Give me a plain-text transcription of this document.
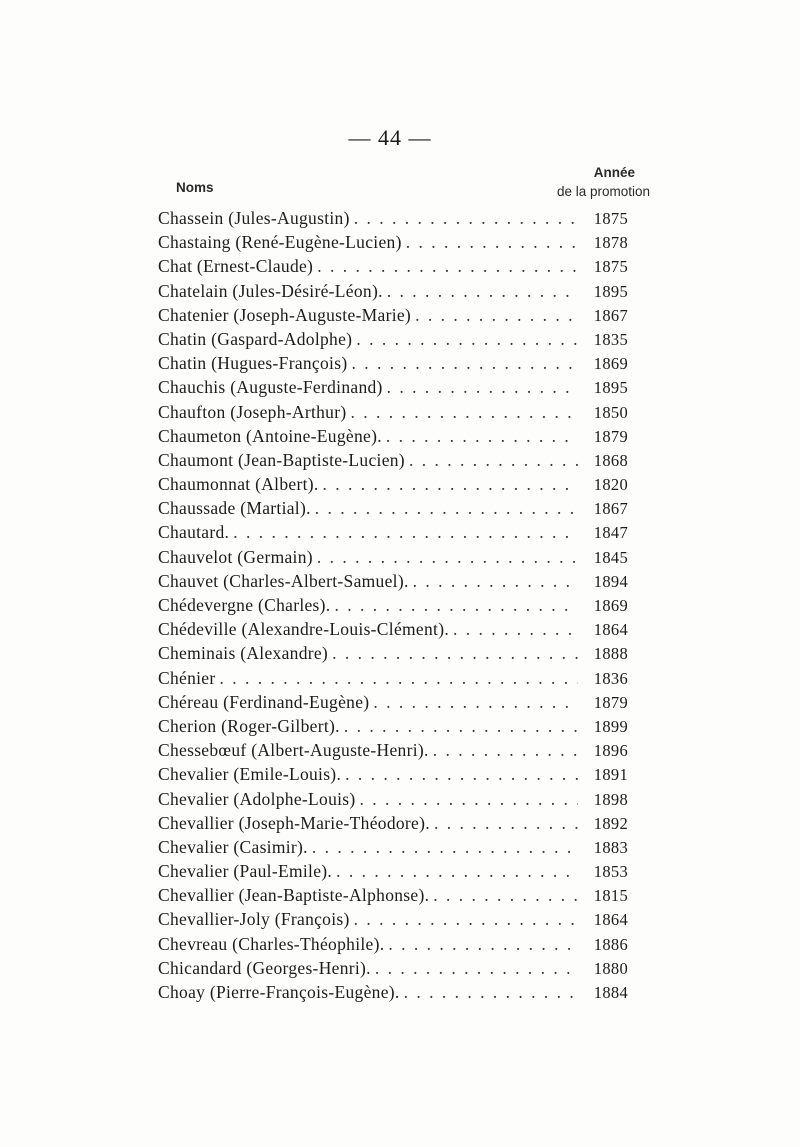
— 44 —
Noms
Année
de la promotion
Chassein (Jules-Augustin) . . .	1875
Chastaing (René-Eugène-Lucien) . . .	1878
Chat (Ernest-Claude) . . .	1875
Chatelain (Jules-Désiré-Léon). . . .	1895
Chatenier (Joseph-Auguste-Marie) . . .	1867
Chatin (Gaspard-Adolphe) . . .	1835
Chatin (Hugues-François) . . .	1869
Chauchis (Auguste-Ferdinand) . . .	1895
Chaufton (Joseph-Arthur) . . .	1850
Chaumeton (Antoine-Eugène). . . .	1879
Chaumont (Jean-Baptiste-Lucien) . . .	1868
Chaumonnat (Albert). . . .	1820
Chaussade (Martial). . . .	1867
Chautard. . . .	1847
Chauvelot (Germain) . . .	1845
Chauvet (Charles-Albert-Samuel). . . .	1894
Chédevergne (Charles). . . .	1869
Chédeville (Alexandre-Louis-Clément). . . .	1864
Cheminais (Alexandre) . . .	1888
Chénier . . .	1836
Chéreau (Ferdinand-Eugène) . . .	1879
Cherion (Roger-Gilbert). . . .	1899
Chessebœuf (Albert-Auguste-Henri). . . .	1896
Chevalier (Emile-Louis). . . .	1891
Chevalier (Adolphe-Louis) . . .	1898
Chevallier (Joseph-Marie-Théodore). . . .	1892
Chevalier (Casimir). . . .	1883
Chevalier (Paul-Emile). . . .	1853
Chevallier (Jean-Baptiste-Alphonse). . . .	1815
Chevallier-Joly (François) . . .	1864
Chevreau (Charles-Théophile). . . .	1886
Chicandard (Georges-Henri). . . .	1880
Choay (Pierre-François-Eugène). . . .	1884
